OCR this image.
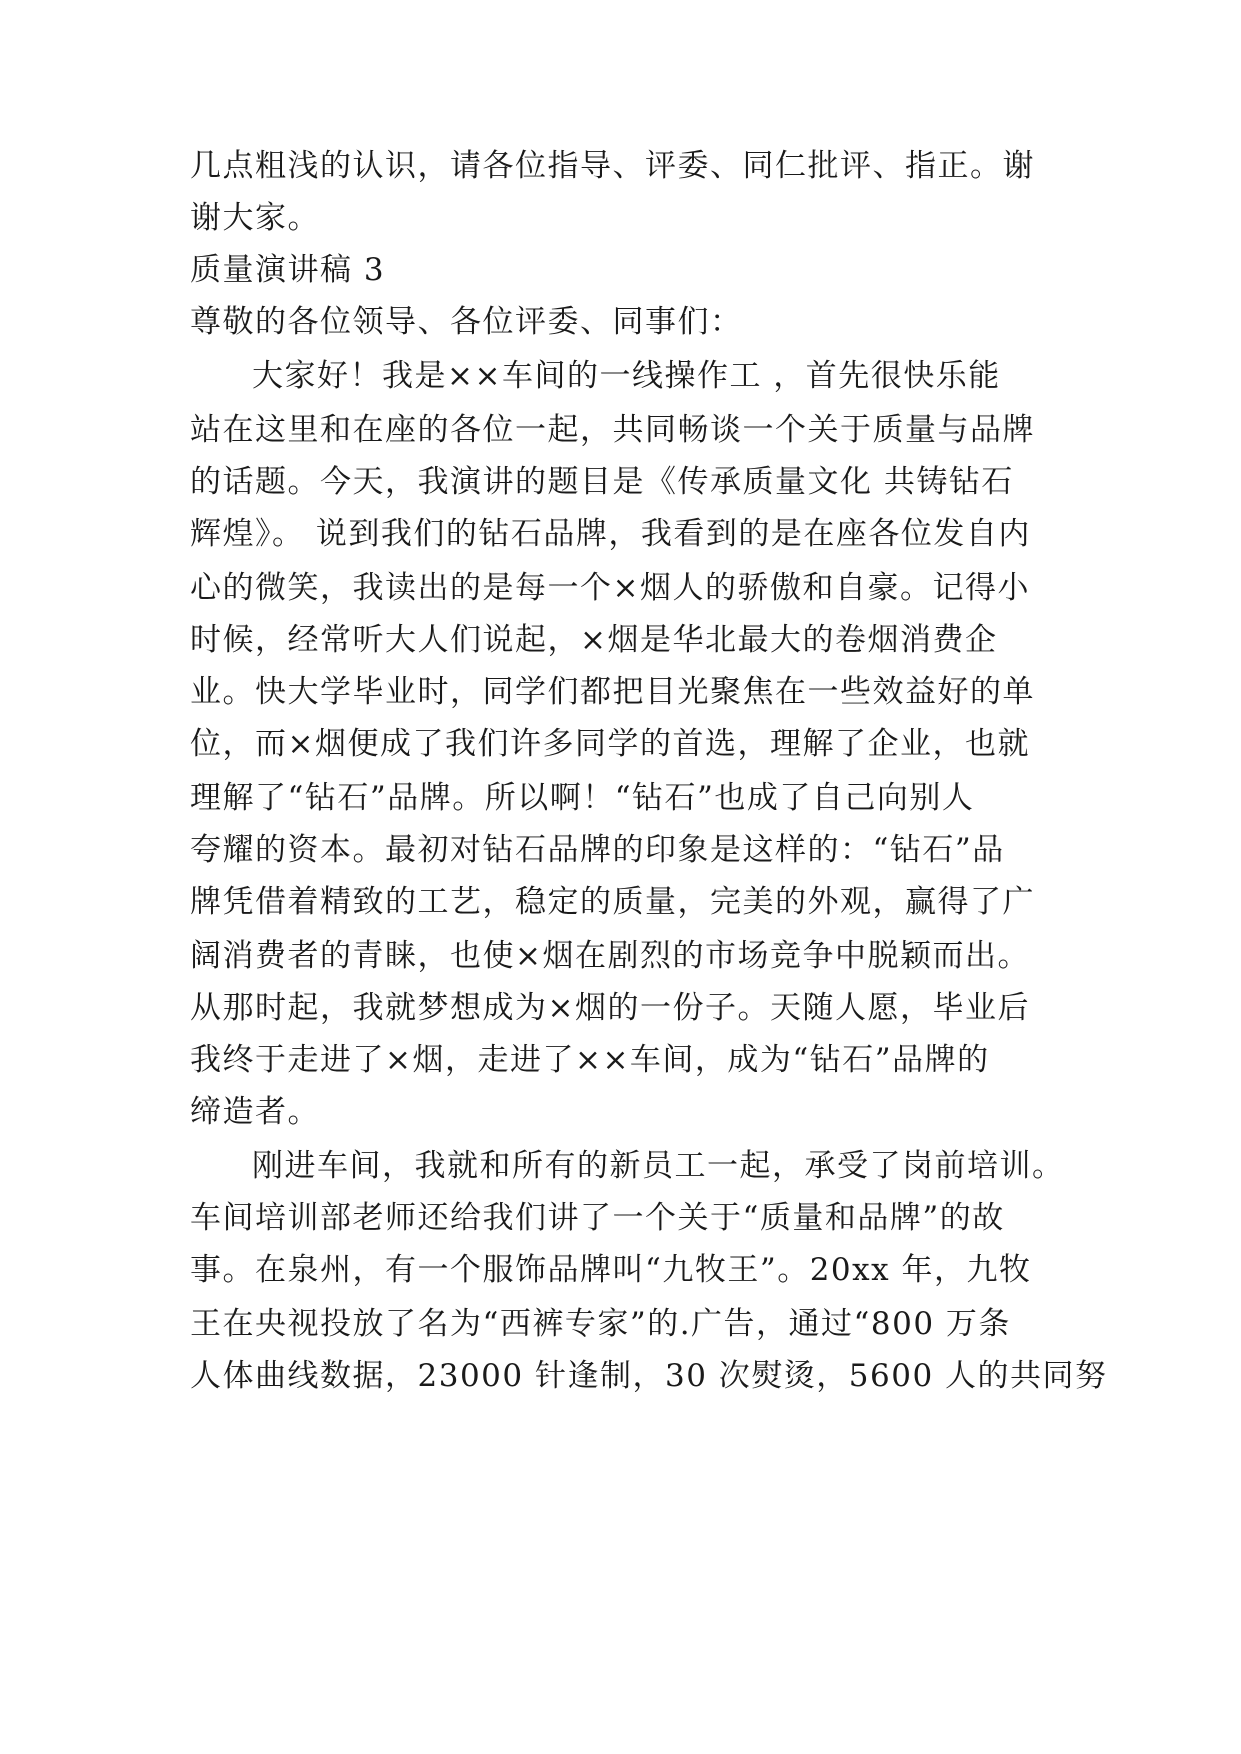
几点粗浅的认识，请各位指导、评委、同仁批评、指正。谢
谢大家。
质量演讲稿 3
尊敬的各位领导、各位评委、同事们：
大家好！我是××车间的一线操作工 ，首先很快乐能
站在这里和在座的各位一起，共同畅谈一个关于质量与品牌
的话题。今天，我演讲的题目是《传承质量文化 共铸钻石
辉煌》。 说到我们的钻石品牌，我看到的是在座各位发自内
心的微笑，我读出的是每一个×烟人的骄傲和自豪。记得小
时候，经常听大人们说起，×烟是华北最大的卷烟消费企
业。快大学毕业时，同学们都把目光聚焦在一些效益好的单
位，而×烟便成了我们许多同学的首选，理解了企业，也就
理解了“钻石”品牌。所以啊！“钻石”也成了自己向别人
夸耀的资本。最初对钻石品牌的印象是这样的：“钻石”品
牌凭借着精致的工艺，稳定的质量，完美的外观，赢得了广
阔消费者的青睐，也使×烟在剧烈的市场竞争中脱颖而出。
从那时起，我就梦想成为×烟的一份子。天随人愿，毕业后
我终于走进了×烟，走进了××车间，成为“钻石”品牌的
缔造者。
刚进车间，我就和所有的新员工一起，承受了岗前培训。
车间培训部老师还给我们讲了一个关于“质量和品牌”的故
事。在泉州，有一个服饰品牌叫“九牧王”。20xx 年，九牧
王在央视投放了名为“西裤专家”的.广告，通过“800 万条
人体曲线数据，23000 针逢制，30 次熨烫，5600 人的共同努
